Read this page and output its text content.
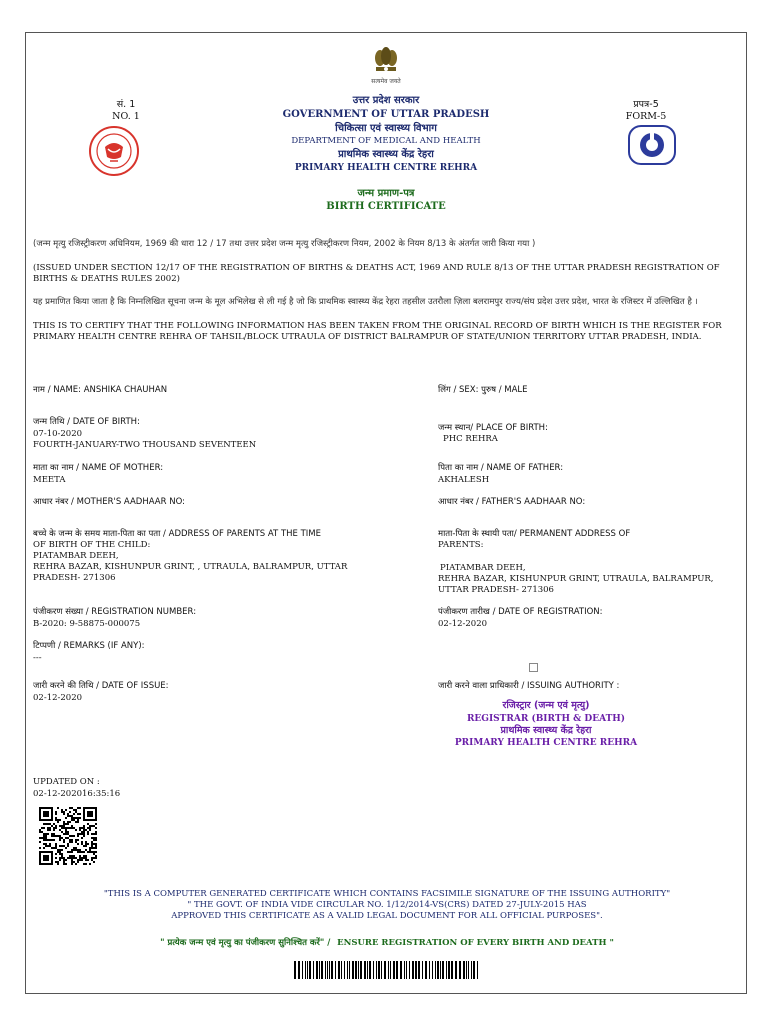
सत्यमेव जयते
सं. 1
NO. 1
प्रपत्र-5
FORM-5
उत्तर प्रदेश सरकार
GOVERNMENT OF UTTAR PRADESH
चिकित्सा एवं स्वास्थ्य विभाग
DEPARTMENT OF MEDICAL AND HEALTH
प्राथमिक स्वास्थ्य केंद्र रेहरा
PRIMARY HEALTH CENTRE REHRA
जन्म प्रमाण-पत्र
BIRTH CERTIFICATE
(जन्म मृत्यु रजिस्ट्रीकरण अधिनियम, 1969 की धारा 12 / 17 तथा उत्तर प्रदेश जन्म मृत्यु रजिस्ट्रीकरण नियम, 2002 के नियम 8/13 के अंतर्गत जारी किया गया )
(ISSUED UNDER SECTION 12/17 OF THE REGISTRATION OF BIRTHS & DEATHS ACT, 1969 AND RULE 8/13 OF THE UTTAR PRADESH REGISTRATION OF BIRTHS & DEATHS RULES 2002)
यह प्रमाणित किया जाता है कि निम्नलिखित सूचना जन्म के मूल अभिलेख से ली गई है जो कि प्राथमिक स्वास्थ्य केंद्र रेहरा तहसील उतरौला ज़िला बलरामपुर राज्य/संघ प्रदेश उत्तर प्रदेश, भारत के रजिस्टर में उल्लिखित है ।
THIS IS TO CERTIFY THAT THE FOLLOWING INFORMATION HAS BEEN TAKEN FROM THE ORIGINAL RECORD OF BIRTH WHICH IS THE REGISTER FOR PRIMARY HEALTH CENTRE REHRA OF TAHSIL/BLOCK UTRAULA OF DISTRICT BALRAMPUR OF STATE/UNION TERRITORY UTTAR PRADESH, INDIA.
नाम / NAME: ANSHIKA CHAUHAN	लिंग / SEX: पुरुष / MALE
जन्म तिथि / DATE OF BIRTH:
07-10-2020
FOURTH-JANUARY-TWO THOUSAND SEVENTEEN
जन्म स्थान/ PLACE OF BIRTH:
PHC REHRA
माता का नाम / NAME OF MOTHER:
MEETA
पिता का नाम / NAME OF FATHER:
AKHALESH
आधार नंबर / MOTHER'S AADHAAR NO:	आधार नंबर / FATHER'S AADHAAR NO:
बच्चे के जन्म के समय माता-पिता का पता / ADDRESS OF PARENTS AT THE TIME
OF BIRTH OF THE CHILD:
PIATAMBAR DEEH,
REHRA BAZAR, KISHUNPUR GRINT, , UTRAULA, BALRAMPUR, UTTAR
PRADESH- 271306
माता-पिता के स्थायी पता/ PERMANENT ADDRESS OF
PARENTS:
PIATAMBAR DEEH,
REHRA BAZAR, KISHUNPUR GRINT, UTRAULA, BALRAMPUR,
UTTAR PRADESH- 271306
पंजीकरण संख्या / REGISTRATION NUMBER:
B-2020: 9-58875-000075
पंजीकरण तारीख / DATE OF REGISTRATION:
02-12-2020
टिप्पणी / REMARKS (IF ANY):
---
जारी करने की तिथि / DATE OF ISSUE:
02-12-2020
जारी करने वाला प्राधिकारी / ISSUING AUTHORITY :
रजिस्ट्रार (जन्म एवं मृत्यु)
REGISTRAR (BIRTH & DEATH)
प्राथमिक स्वास्थ्य केंद्र रेहरा
PRIMARY HEALTH CENTRE REHRA
UPDATED ON :
02-12-202016:35:16
"THIS IS A COMPUTER GENERATED CERTIFICATE WHICH CONTAINS FACSIMILE SIGNATURE OF THE ISSUING AUTHORITY"
" THE GOVT. OF INDIA VIDE CIRCULAR NO. 1/12/2014-VS(CRS) DATED 27-JULY-2015 HAS
APPROVED THIS CERTIFICATE AS A VALID LEGAL DOCUMENT FOR ALL OFFICIAL PURPOSES".
" प्रत्येक जन्म एवं मृत्यु का पंजीकरण सुनिश्चित करें" / ENSURE REGISTRATION OF EVERY BIRTH AND DEATH "
